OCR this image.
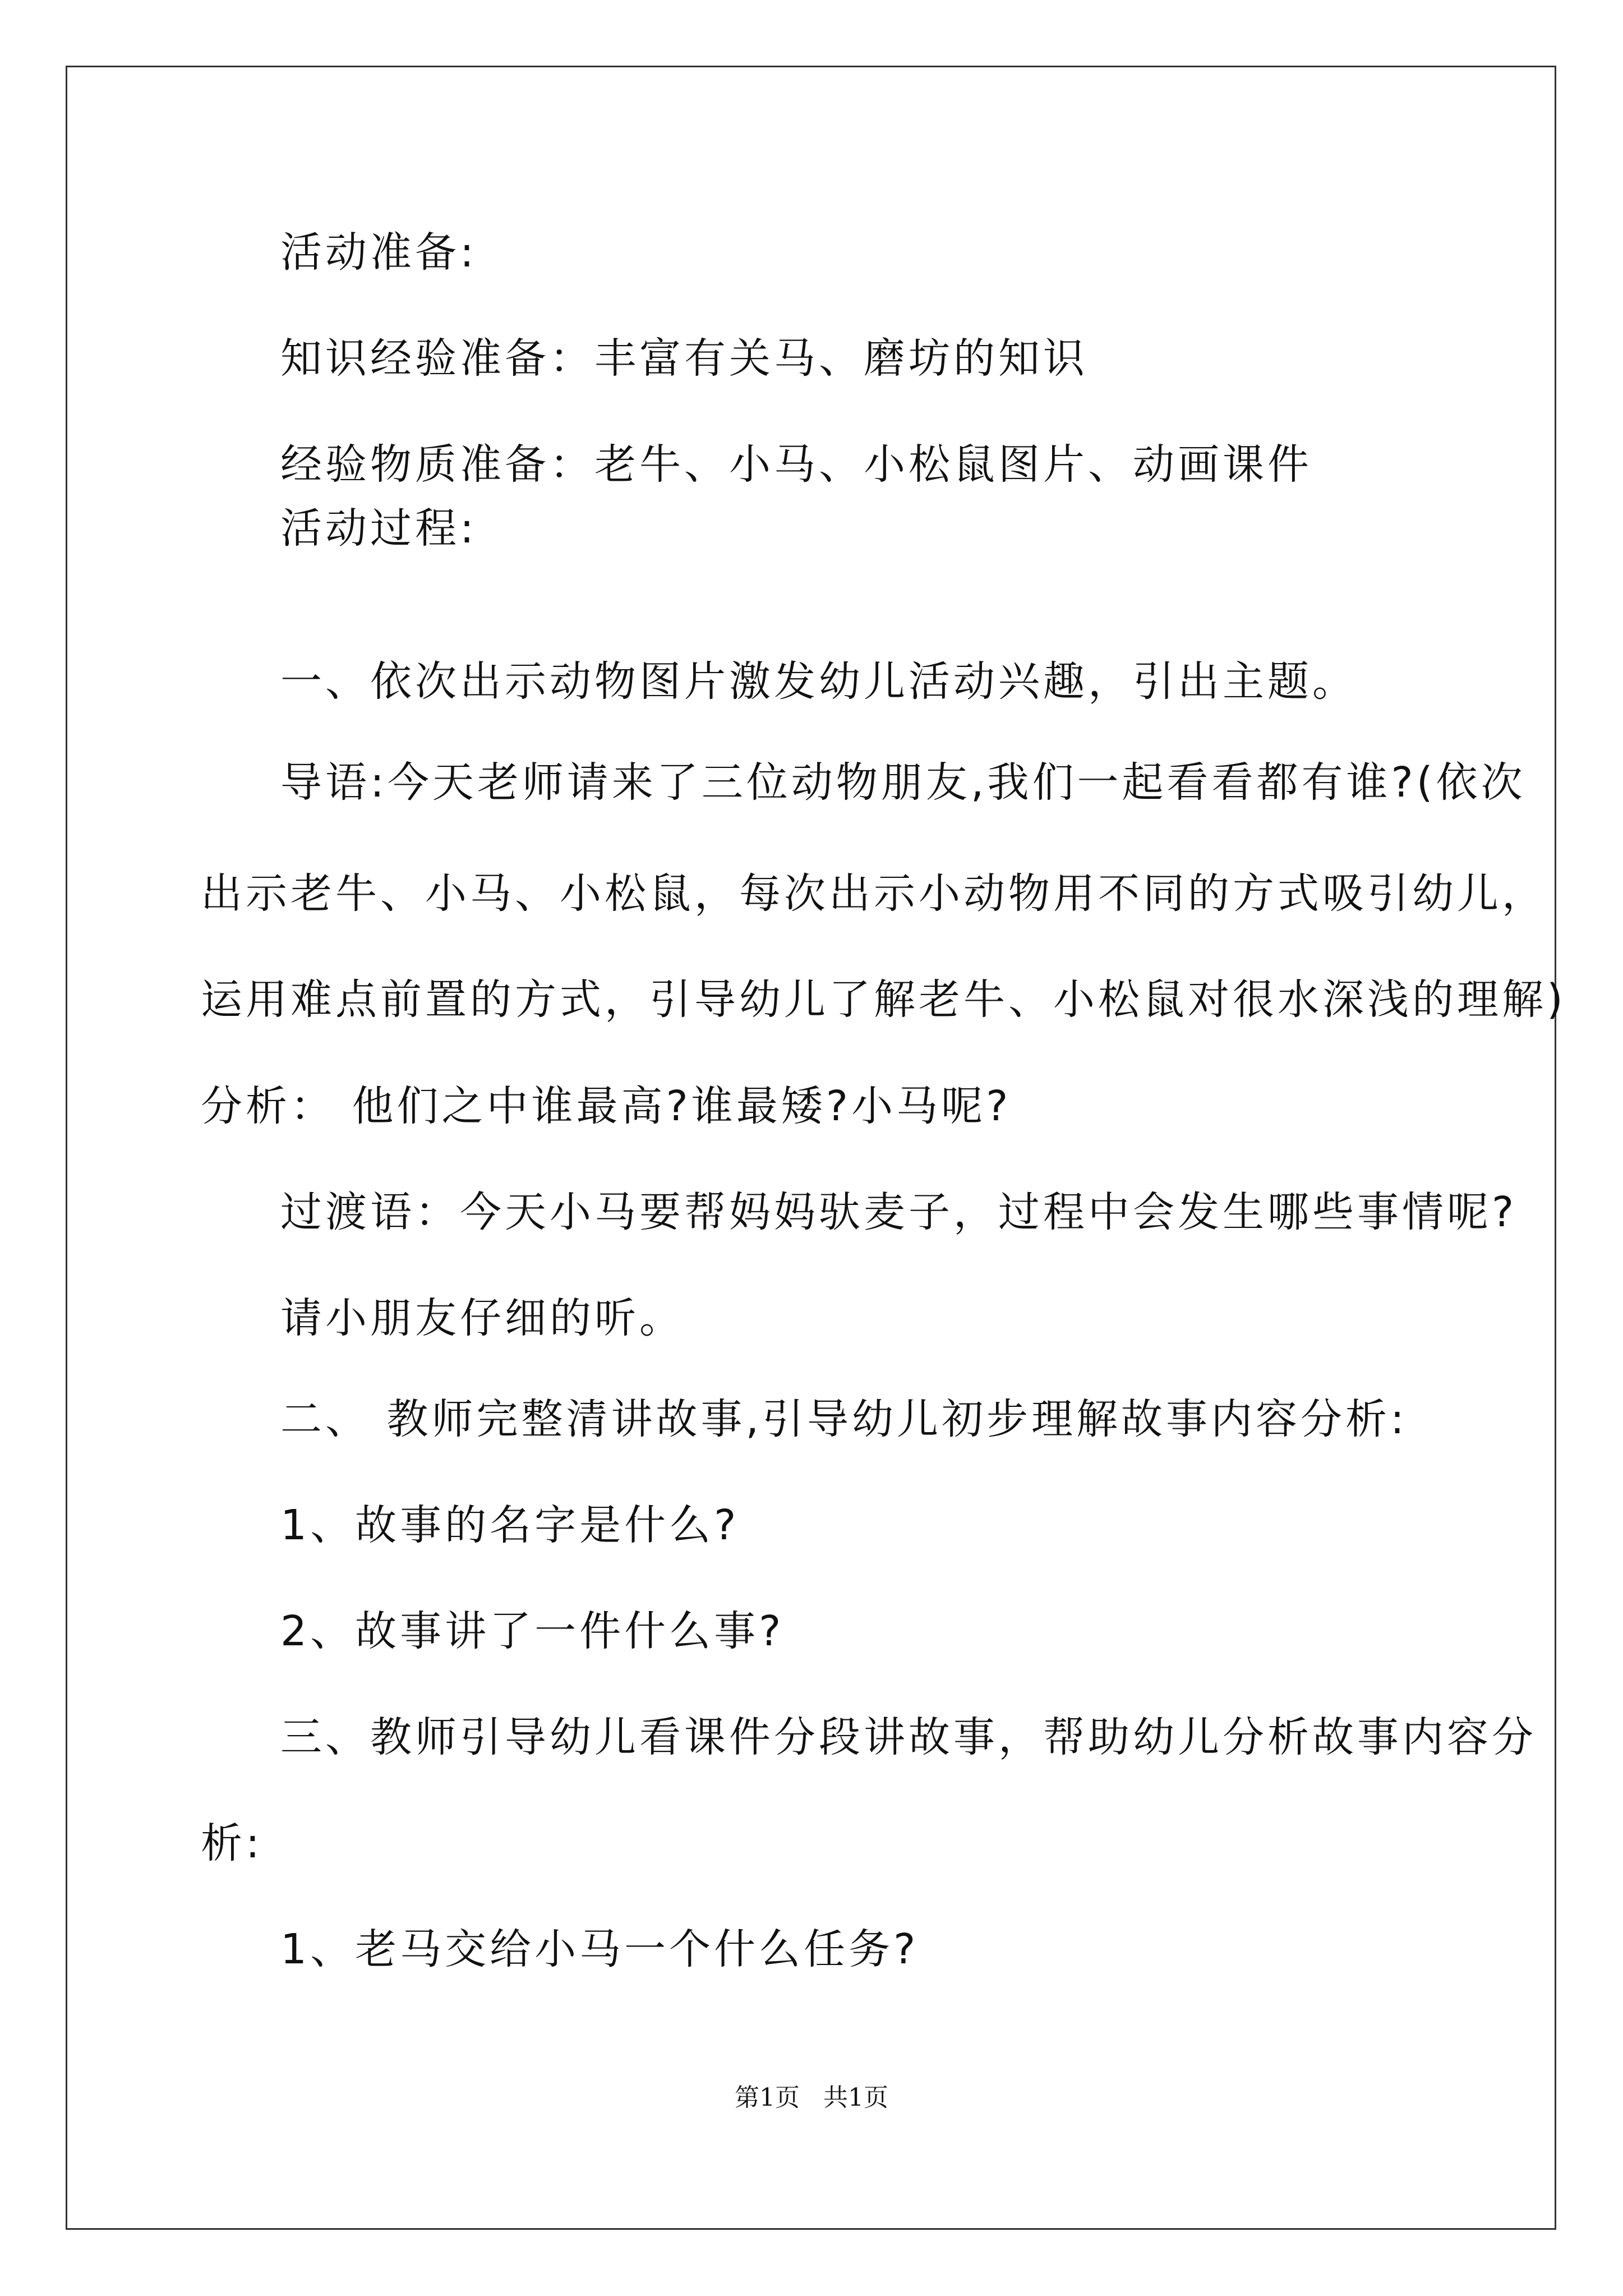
活动准备:
知识经验准备：丰富有关马、磨坊的知识
经验物质准备：老牛、小马、小松鼠图片、动画课件
活动过程:
一、依次出示动物图片激发幼儿活动兴趣，引出主题。
导语:今天老师请来了三位动物朋友,我们一起看看都有谁?(依次
出示老牛、小马、小松鼠，每次出示小动物用不同的方式吸引幼儿，
运用难点前置的方式，引导幼儿了解老牛、小松鼠对很水深浅的理解)
分析： 他们之中谁最高?谁最矮?小马呢?
过渡语：今天小马要帮妈妈驮麦子，过程中会发生哪些事情呢?
请小朋友仔细的听。
二、 教师完整清讲故事,引导幼儿初步理解故事内容分析:
1、故事的名字是什么?
2、故事讲了一件什么事?
三、教师引导幼儿看课件分段讲故事，帮助幼儿分析故事内容分
析:
1、老马交给小马一个什么任务?
第1页   共1页
